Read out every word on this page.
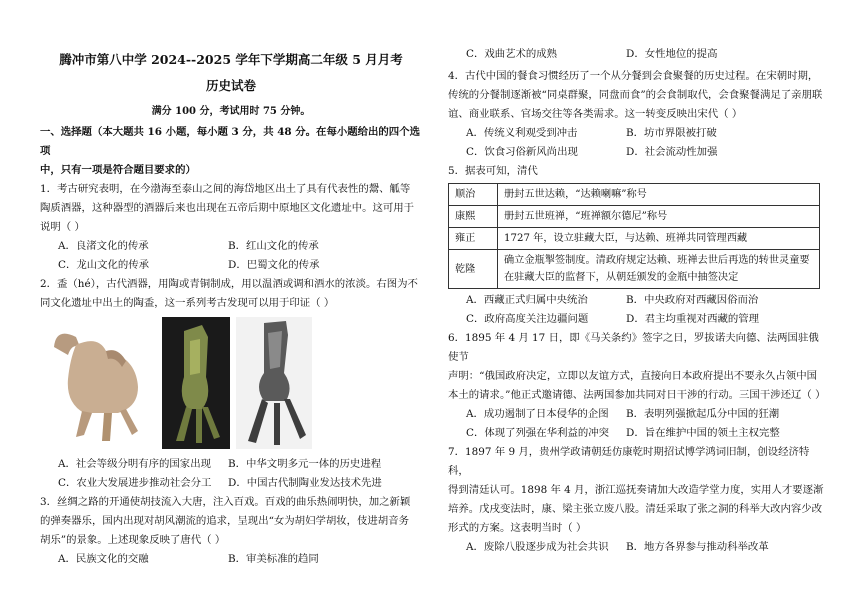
腾冲市第八中学 2024--2025 学年下学期高二年级 5 月月考

历史试卷

满分 100 分，考试用时 75 分钟。

一、选择题（本大题共 16 小题，每小题 3 分，共 48 分。在每小题给出的四个选项

中，只有一项是符合题目要求的）

1．考古研究表明，在今渤海至泰山之间的海岱地区出土了具有代表性的鬶、觚等

陶质酒器，这种器型的酒器后来也出现在五帝后期中原地区文化遗址中。这可用于

说明（ ）

A．良渚文化的传承	B．红山文化的传承
C．龙山文化的传承	D．巴蜀文化的传承

2．盉（hé），古代酒器，用陶或青铜制成，用以温酒或调和酒水的浓淡。右图为不

同文化遗址中出土的陶盉，这一系列考古发现可以用于印证（ ）

A．社会等级分明有序的国家出现	B．中华文明多元一体的历史进程
C．农业大发展进步推动社会分工	D．中国古代制陶业发达技术先进

3．丝绸之路的开通使胡技流入大唐，注入百戏。百戏的曲乐热闹明快，加之新颖

的弹奏器乐，国内出现对胡风潮流的追求，呈现出“女为胡妇学胡妆，伎进胡音务

胡乐”的景象。上述现象反映了唐代（ ）

A．民族文化的交融	B．审美标准的趋同
C．戏曲艺术的成熟	D．女性地位的提高

4．古代中国的餐食习惯经历了一个从分餐到会食聚餐的历史过程。在宋朝时期，

传统的分餐制逐渐被“同桌群聚，同盘而食”的会食制取代，会食聚餐满足了亲朋联

谊、商业联系、官场交往等各类需求。这一转变反映出宋代（ ）

A．传统义利观受到冲击	B．坊市界限被打破
C．饮食习俗新风尚出现	D．社会流动性加强

5．据表可知，清代

顺治	册封五世达赖，“达赖喇嘛”称号
康熙	册封五世班禅，“班禅额尔德尼”称号
雍正	1727 年，设立驻藏大臣，与达赖、班禅共同管理西藏
乾隆	确立金瓶掣签制度。清政府规定达赖、班禅去世后再选的转世灵童要在驻藏大臣的监督下，从朝廷颁发的金瓶中抽签决定
A．西藏正式归属中央统治	B．中央政府对西藏因俗而治
C．政府高度关注边疆问题	D．君主均重视对西藏的管理

6．1895 年 4 月 17 日，即《马关条约》签字之日，罗拔诺夫向德、法两国驻俄使节

声明：“俄国政府决定，立即以友谊方式，直接向日本政府提出不要永久占领中国

本土的请求。”他正式邀请德、法两国参加共同对日干涉的行动。三国干涉还辽（ ）

A．成功遏制了日本侵华的企图	B．表明列强掀起瓜分中国的狂潮
C．体现了列强在华利益的冲突	D．旨在维护中国的领土主权完整

7．1897 年 9 月，贵州学政请朝廷仿康乾时期招试博学鸿词旧制，创设经济特科，

得到清廷认可。1898 年 4 月，浙江巡抚奏请加大改造学堂力度，实用人才要逐渐

培养。戊戌变法时，康、梁主张立废八股。清廷采取了张之洞的科举大改内容少改

形式的方案。这表明当时（ ）

A．废除八股逐步成为社会共识	B．地方各界参与推动科举改革
